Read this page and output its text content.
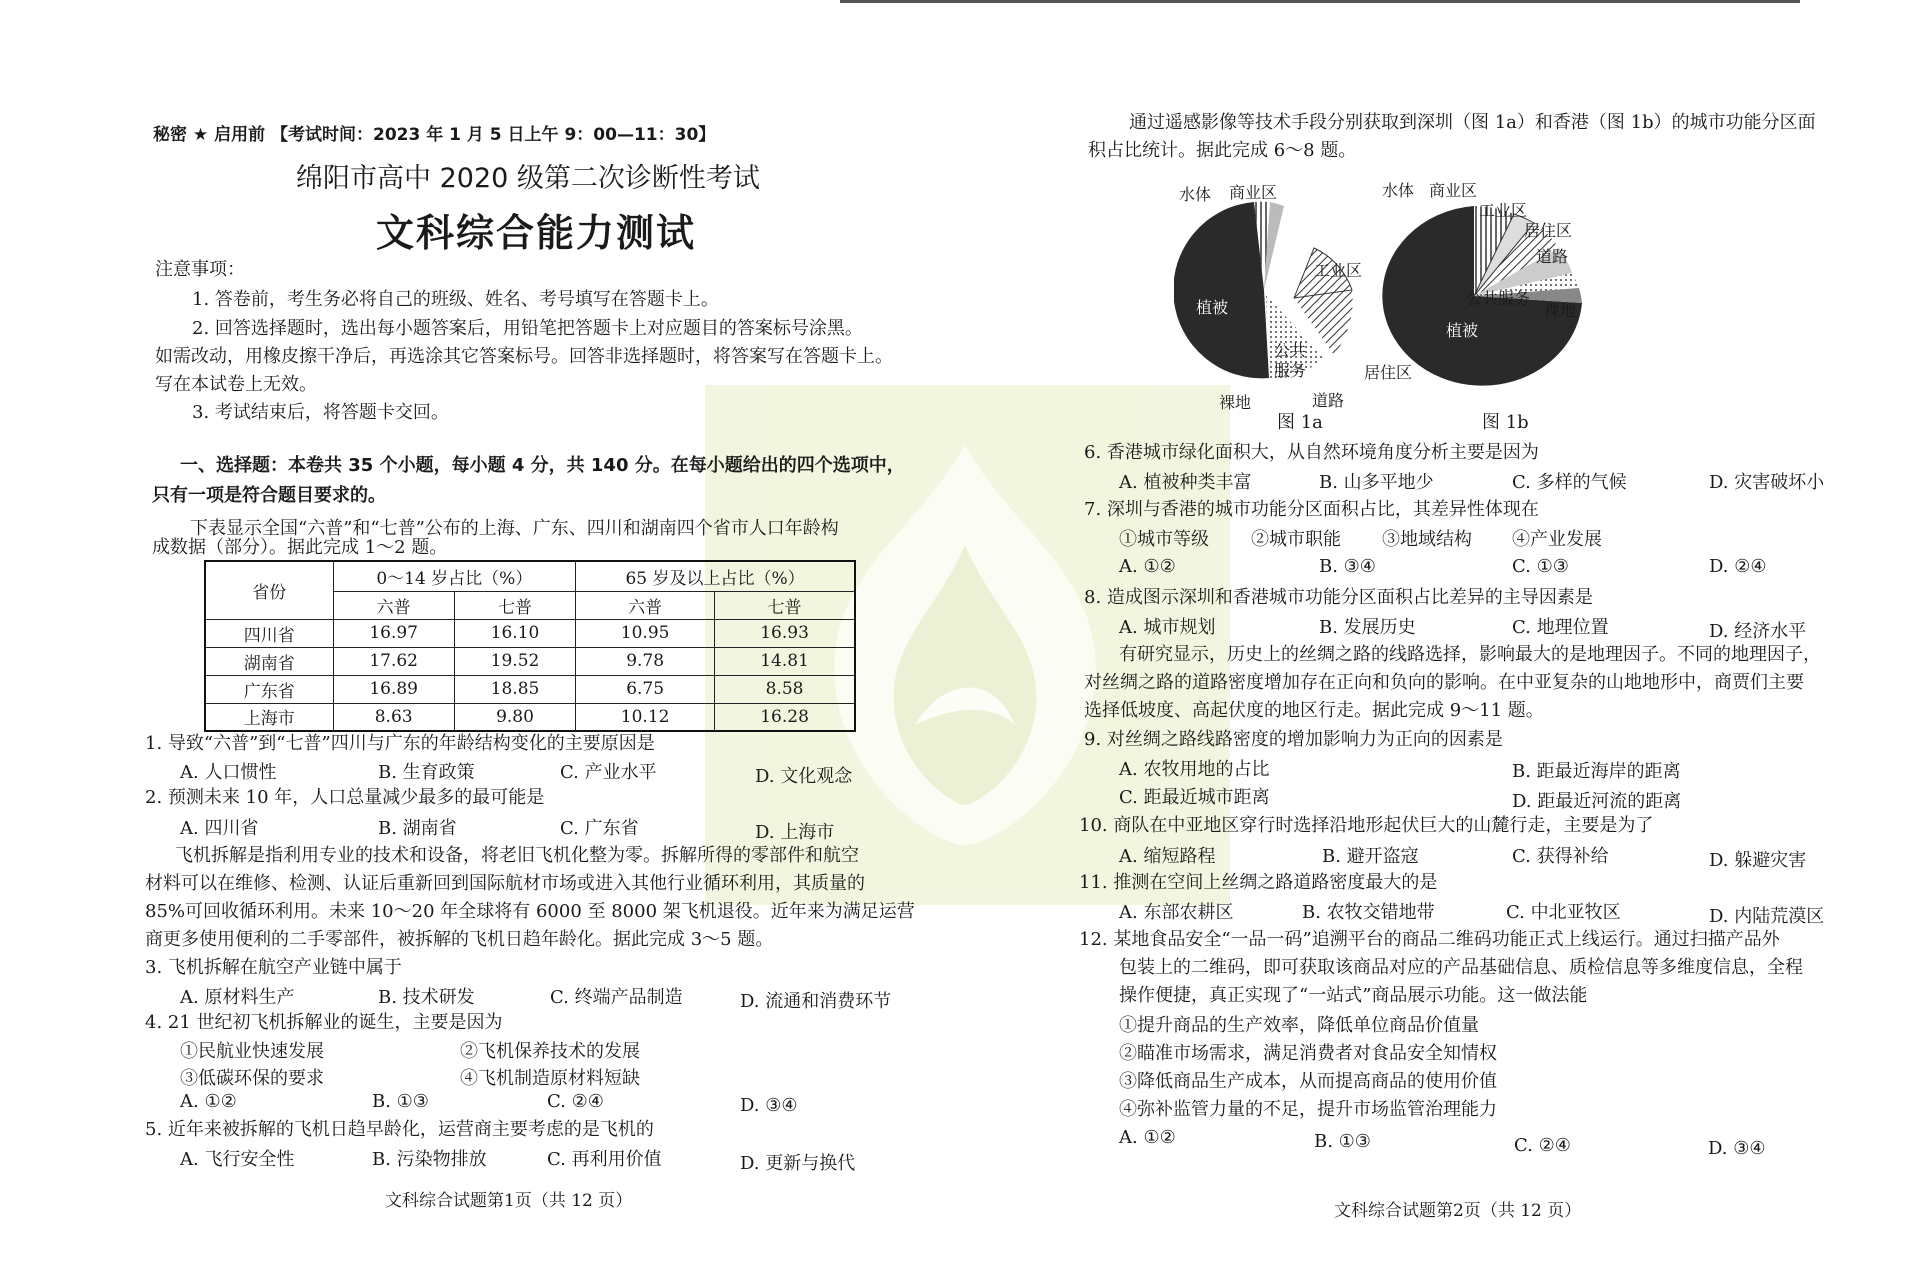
秘密 ★ 启用前 【考试时间：2023 年 1 月 5 日上午 9：00—11：30】
绵阳市高中 2020 级第二次诊断性考试
文科综合能力测试
注意事项：
1. 答卷前，考生务必将自己的班级、姓名、考号填写在答题卡上。
2. 回答选择题时，选出每小题答案后，用铅笔把答题卡上对应题目的答案标号涂黑。
如需改动，用橡皮擦干净后，再选涂其它答案标号。回答非选择题时，将答案写在答题卡上。
写在本试卷上无效。
3. 考试结束后，将答题卡交回。
一、选择题：本卷共 35 个小题，每小题 4 分，共 140 分。在每小题给出的四个选项中，
只有一项是符合题目要求的。
下表显示全国“六普”和“七普”公布的上海、广东、四川和湖南四个省市人口年龄构
成数据（部分）。据此完成 1～2 题。
省份	0～14 岁占比（%）		65 岁及以上占比（%）	
	六普	七普	六普	七普
四川省	16.97	16.10	10.95	16.93
湖南省	17.62	19.52	9.78	14.81
广东省	16.89	18.85	6.75	8.58
上海市	8.63	9.80	10.12	16.28
1. 导致“六普”到“七普”四川与广东的年龄结构变化的主要原因是
A. 人口惯性	B. 生育政策	C. 产业水平	D. 文化观念
2. 预测未来 10 年，人口总量减少最多的最可能是
A. 四川省	B. 湖南省	C. 广东省	D. 上海市
飞机拆解是指利用专业的技术和设备，将老旧飞机化整为零。拆解所得的零部件和航空
材料可以在维修、检测、认证后重新回到国际航材市场或进入其他行业循环利用，其质量的
85%可回收循环利用。未来 10～20 年全球将有 6000 至 8000 架飞机退役。近年来为满足运营
商更多使用便利的二手零部件，被拆解的飞机日趋年龄化。据此完成 3～5 题。
3. 飞机拆解在航空产业链中属于
A. 原材料生产	B. 技术研发	C. 终端产品制造	D. 流通和消费环节
4. 21 世纪初飞机拆解业的诞生，主要是因为
①民航业快速发展	②飞机保养技术的发展
③低碳环保的要求	④飞机制造原材料短缺
A. ①②	B. ①③	C. ②④	D. ③④
5. 近年来被拆解的飞机日趋早龄化，运营商主要考虑的是飞机的
A. 飞行安全性	B. 污染物排放	C. 再利用价值	D. 更新与换代
文科综合试题第1页（共 12 页）
通过遥感影像等技术手段分别获取到深圳（图 1a）和香港（图 1b）的城市功能分区面
积占比统计。据此完成 6～8 题。
水体 商业区
工业区
植被
公共
服务	居住区
道路
裸地
图 1a
水体 商业区
工业区
居住区
道路
公共服务
裸地
植被
图 1b
6. 香港城市绿化面积大，从自然环境角度分析主要是因为
A. 植被种类丰富	B. 山多平地少	C. 多样的气候	D. 灾害破坏小
7. 深圳与香港的城市功能分区面积占比，其差异性体现在
①城市等级 ②城市职能 ③地域结构 ④产业发展
A. ①②	B. ③④	C. ①③	D. ②④
8. 造成图示深圳和香港城市功能分区面积占比差异的主导因素是
A. 城市规划	B. 发展历史	C. 地理位置	D. 经济水平
有研究显示，历史上的丝绸之路的线路选择，影响最大的是地理因子。不同的地理因子，
对丝绸之路的道路密度增加存在正向和负向的影响。在中亚复杂的山地地形中，商贾们主要
选择低坡度、高起伏度的地区行走。据此完成 9～11 题。
9. 对丝绸之路线路密度的增加影响力为正向的因素是
A. 农牧用地的占比	B. 距最近海岸的距离
C. 距最近城市距离	D. 距最近河流的距离
10. 商队在中亚地区穿行时选择沿地形起伏巨大的山麓行走，主要是为了
A. 缩短路程	B. 避开盗寇	C. 获得补给	D. 躲避灾害
11. 推测在空间上丝绸之路道路密度最大的是
A. 东部农耕区	B. 农牧交错地带	C. 中北亚牧区	D. 内陆荒漠区
12. 某地食品安全“一品一码”追溯平台的商品二维码功能正式上线运行。通过扫描产品外
包装上的二维码，即可获取该商品对应的产品基础信息、质检信息等多维度信息，全程
操作便捷，真正实现了“一站式”商品展示功能。这一做法能
①提升商品的生产效率，降低单位商品价值量
②瞄准市场需求，满足消费者对食品安全知情权
③降低商品生产成本，从而提高商品的使用价值
④弥补监管力量的不足，提升市场监管治理能力
A. ①②	B. ①③	C. ②④	D. ③④
文科综合试题第2页（共 12 页）
